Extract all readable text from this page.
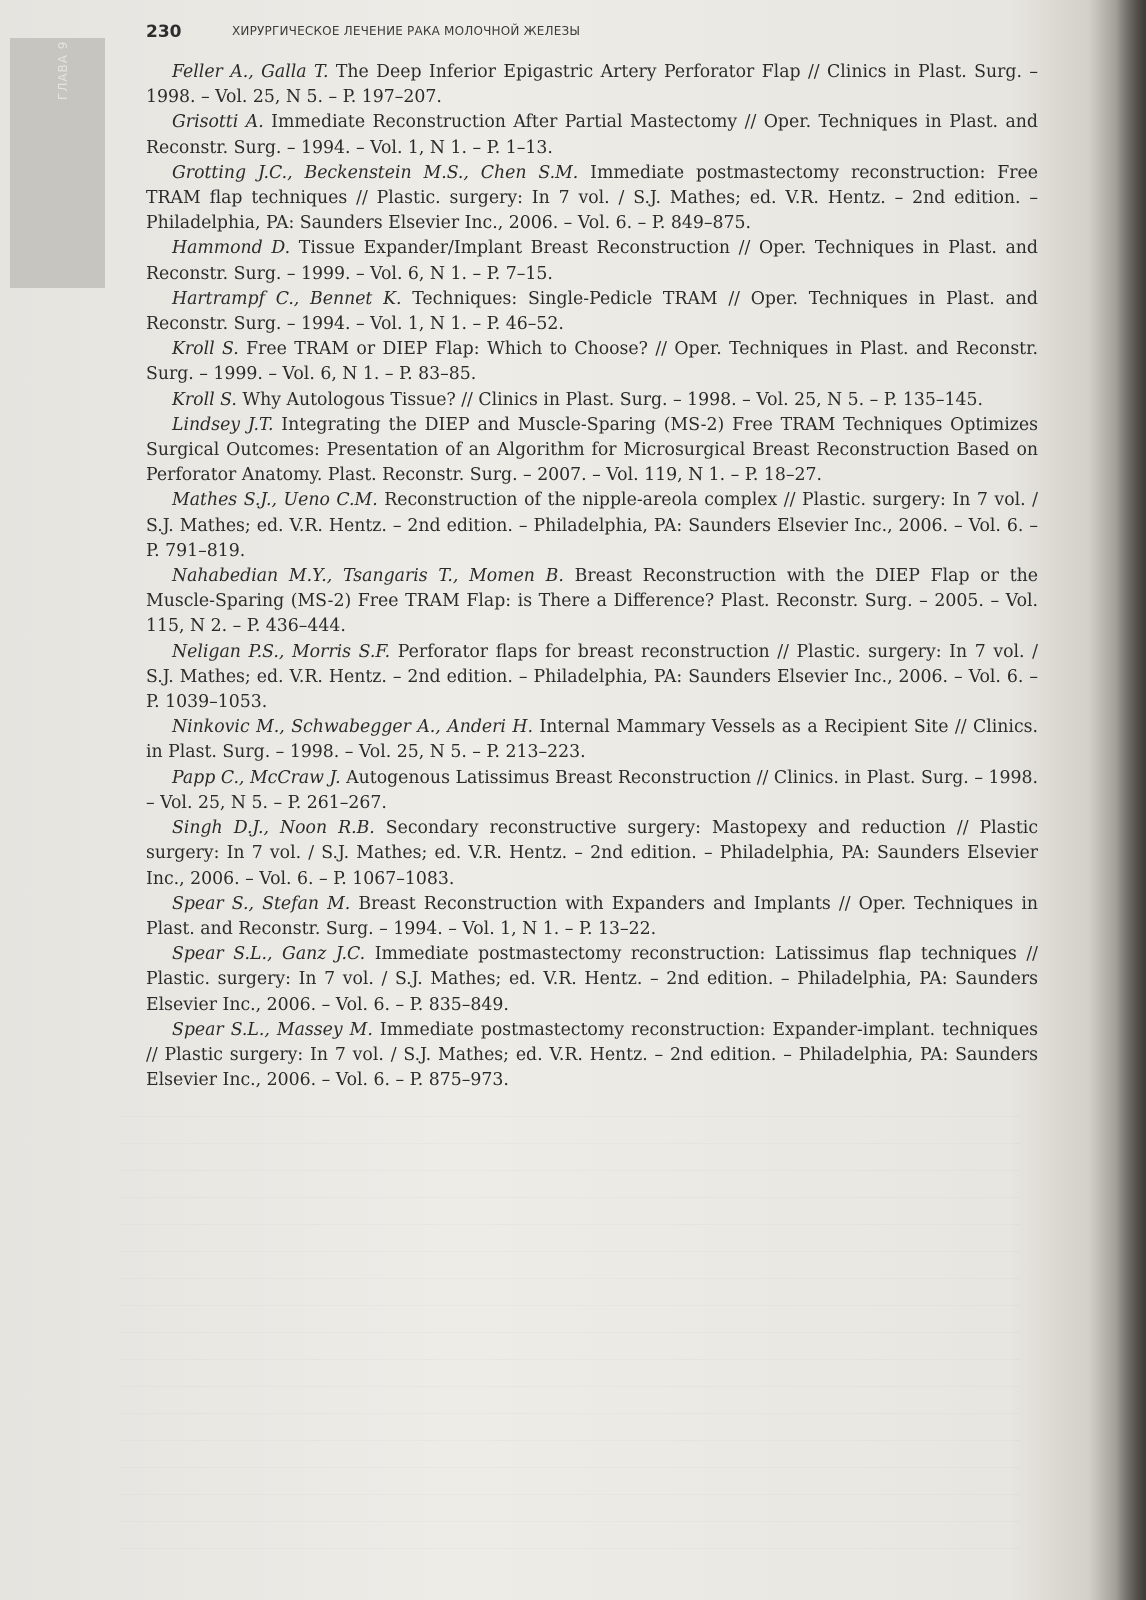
ГЛАВА 9
230	ХИРУРГИЧЕСКОЕ ЛЕЧЕНИЕ РАКА МОЛОЧНОЙ ЖЕЛЕЗЫ

Feller A., Galla T. The Deep Inferior Epigastric Artery Perforator Flap // Clinics in Plast. Surg. – 1998. – Vol. 25, N 5. – P. 197–207.

Grisotti A. Immediate Reconstruction After Partial Mastectomy // Oper. Techniques in Plast. and Reconstr. Surg. – 1994. – Vol. 1, N 1. – P. 1–13.

Grotting J.C., Beckenstein M.S., Chen S.M. Immediate postmastectomy reconstruction: Free TRAM flap techniques // Plastic. surgery: In 7 vol. / S.J. Mathes; ed. V.R. Hentz. – 2nd edition. – Philadelphia, PA: Saunders Elsevier Inc., 2006. – Vol. 6. – P. 849–875.

Hammond D. Tissue Expander/Implant Breast Reconstruction // Oper. Techniques in Plast. and Reconstr. Surg. – 1999. – Vol. 6, N 1. – P. 7–15.

Hartrampf C., Bennet K. Techniques: Single-Pedicle TRAM // Oper. Techniques in Plast. and Reconstr. Surg. – 1994. – Vol. 1, N 1. – P. 46–52.

Kroll S. Free TRAM or DIEP Flap: Which to Choose? // Oper. Techniques in Plast. and Reconstr. Surg. – 1999. – Vol. 6, N 1. – P. 83–85.

Kroll S. Why Autologous Tissue? // Clinics in Plast. Surg. – 1998. – Vol. 25, N 5. – P. 135–145.

Lindsey J.T. Integrating the DIEP and Muscle-Sparing (MS-2) Free TRAM Techniques Optimizes Surgical Outcomes: Presentation of an Algorithm for Microsurgical Breast Reconstruction Based on Perforator Anatomy. Plast. Reconstr. Surg. – 2007. – Vol. 119, N 1. – P. 18–27.

Mathes S.J., Ueno C.M. Reconstruction of the nipple-areola complex // Plastic. surgery: In 7 vol. / S.J. Mathes; ed. V.R. Hentz. – 2nd edition. – Philadelphia, PA: Saunders Elsevier Inc., 2006. – Vol. 6. – P. 791–819.

Nahabedian M.Y., Tsangaris T., Momen B. Breast Reconstruction with the DIEP Flap or the Muscle-Sparing (MS-2) Free TRAM Flap: is There a Difference? Plast. Reconstr. Surg. – 2005. – Vol. 115, N 2. – P. 436–444.

Neligan P.S., Morris S.F. Perforator flaps for breast reconstruction // Plastic. surgery: In 7 vol. / S.J. Mathes; ed. V.R. Hentz. – 2nd edition. – Philadelphia, PA: Saunders Elsevier Inc., 2006. – Vol. 6. – P. 1039–1053.

Ninkovic M., Schwabegger A., Anderi H. Internal Mammary Vessels as a Recipient Site // Clinics. in Plast. Surg. – 1998. – Vol. 25, N 5. – P. 213–223.

Papp C., McCraw J. Autogenous Latissimus Breast Reconstruction // Clinics. in Plast. Surg. – 1998. – Vol. 25, N 5. – P. 261–267.

Singh D.J., Noon R.B. Secondary reconstructive surgery: Mastopexy and reduction // Plastic surgery: In 7 vol. / S.J. Mathes; ed. V.R. Hentz. – 2nd edition. – Philadelphia, PA: Saunders Elsevier Inc., 2006. – Vol. 6. – P. 1067–1083.

Spear S., Stefan M. Breast Reconstruction with Expanders and Implants // Oper. Techniques in Plast. and Reconstr. Surg. – 1994. – Vol. 1, N 1. – P. 13–22.

Spear S.L., Ganz J.C. Immediate postmastectomy reconstruction: Latissimus flap techniques // Plastic. surgery: In 7 vol. / S.J. Mathes; ed. V.R. Hentz. – 2nd edition. – Philadelphia, PA: Saunders Elsevier Inc., 2006. – Vol. 6. – P. 835–849.

Spear S.L., Massey M. Immediate postmastectomy reconstruction: Expander-implant. techniques // Plastic surgery: In 7 vol. / S.J. Mathes; ed. V.R. Hentz. – 2nd edition. – Philadelphia, PA: Saunders Elsevier Inc., 2006. – Vol. 6. – P. 875–973.
